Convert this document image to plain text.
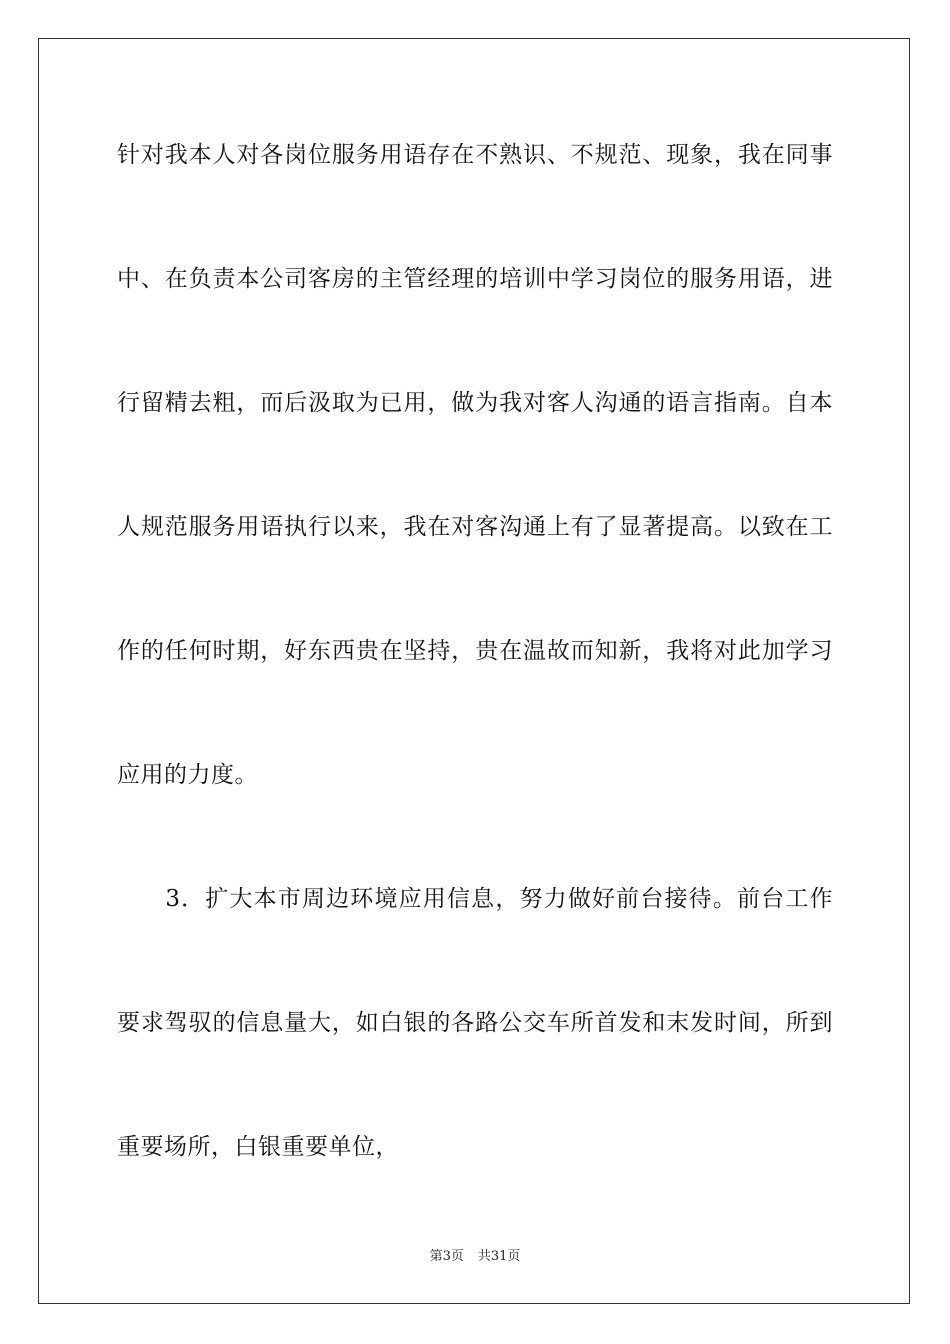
针对我本人对各岗位服务用语存在不熟识、不规范、现象，我在同事
中、在负责本公司客房的主管经理的培训中学习岗位的服务用语，进
行留精去粗，而后汲取为已用，做为我对客人沟通的语言指南。自本
人规范服务用语执行以来，我在对客沟通上有了显著提高。以致在工
作的任何时期，好东西贵在坚持，贵在温故而知新，我将对此加学习
应用的力度。
　　3．扩大本市周边环境应用信息，努力做好前台接待。前台工作
要求驾驭的信息量大，如白银的各路公交车所首发和末发时间，所到
重要场所，白银重要单位，
第3页 共31页
